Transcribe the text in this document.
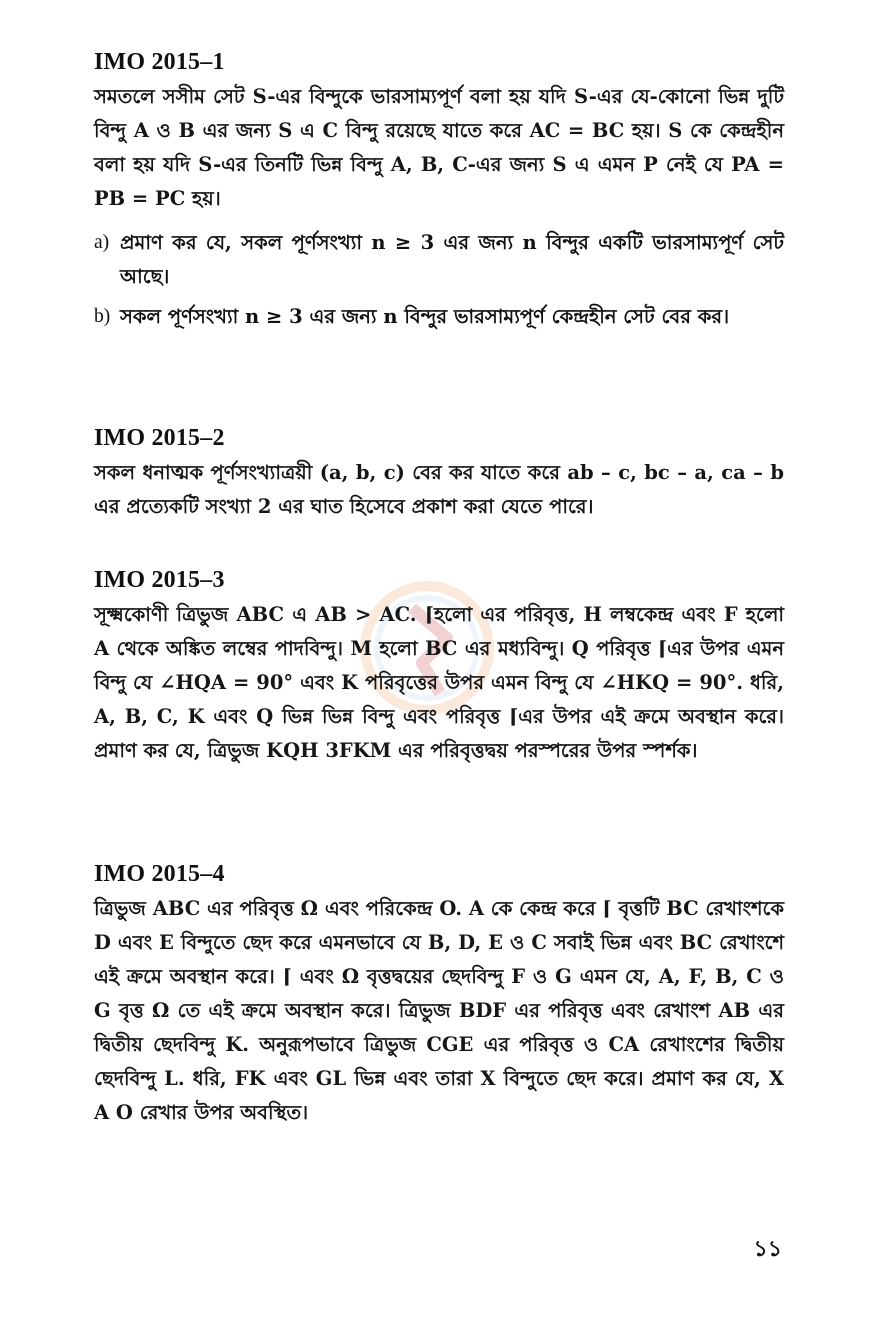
IMO 2015–1

সমতলে সসীম সেট S-এর বিন্দুকে ভারসাম্যপূর্ণ বলা হয় যদি S-এর যে-কোনো ভিন্ন দুটি বিন্দু A ও B এর জন্য S এ C বিন্দু রয়েছে যাতে করে AC = BC হয়। S কে কেন্দ্রহীন বলা হয় যদি S-এর তিনটি ভিন্ন বিন্দু A, B, C-এর জন্য S এ এমন P নেই যে PA = PB = PC হয়।

a) প্রমাণ কর যে, সকল পূর্ণসংখ্যা n ≥ 3 এর জন্য n বিন্দুর একটি ভারসাম্যপূর্ণ সেট আছে।
b) সকল পূর্ণসংখ্যা n ≥ 3 এর জন্য n বিন্দুর ভারসাম্যপূর্ণ কেন্দ্রহীন সেট বের কর।
IMO 2015–2

সকল ধনাত্মক পূর্ণসংখ্যাত্রয়ী (a, b, c) বের কর যাতে করে ab – c, bc – a, ca – b এর প্রত্যেকটি সংখ্যা 2 এর ঘাত হিসেবে প্রকাশ করা যেতে পারে।

IMO 2015–3

সূক্ষ্মকোণী ত্রিভুজ ABC এ AB > AC. ⌈হলো এর পরিবৃত্ত, H লম্বকেন্দ্র এবং F হলো A থেকে অঙ্কিত লম্বের পাদবিন্দু। M হলো BC এর মধ্যবিন্দু। Q পরিবৃত্ত ⌈এর উপর এমন বিন্দু যে ∠HQA = 90° এবং K পরিবৃত্তের উপর এমন বিন্দু যে ∠HKQ = 90°. ধরি, A, B, C, K এবং Q ভিন্ন ভিন্ন বিন্দু এবং পরিবৃত্ত ⌈এর উপর এই ক্রমে অবস্থান করে। প্রমাণ কর যে, ত্রিভুজ KQH 3FKM এর পরিবৃত্তদ্বয় পরস্পরের উপর স্পর্শক।

IMO 2015–4

ত্রিভুজ ABC এর পরিবৃত্ত Ω এবং পরিকেন্দ্র O. A কে কেন্দ্র করে ⌈ বৃত্তটি BC রেখাংশকে D এবং E বিন্দুতে ছেদ করে এমনভাবে যে B, D, E ও C সবাই ভিন্ন এবং BC রেখাংশে এই ক্রমে অবস্থান করে। ⌈ এবং Ω বৃত্তদ্বয়ের ছেদবিন্দু F ও G এমন যে, A, F, B, C ও G বৃত্ত Ω তে এই ক্রমে অবস্থান করে। ত্রিভুজ BDF এর পরিবৃত্ত এবং রেখাংশ AB এর দ্বিতীয় ছেদবিন্দু K. অনুরূপভাবে ত্রিভুজ CGE এর পরিবৃত্ত ও CA রেখাংশের দ্বিতীয় ছেদবিন্দু L. ধরি, FK এবং GL ভিন্ন এবং তারা X বিন্দুতে ছেদ করে। প্রমাণ কর যে, X A O রেখার উপর অবস্থিত।

১১
